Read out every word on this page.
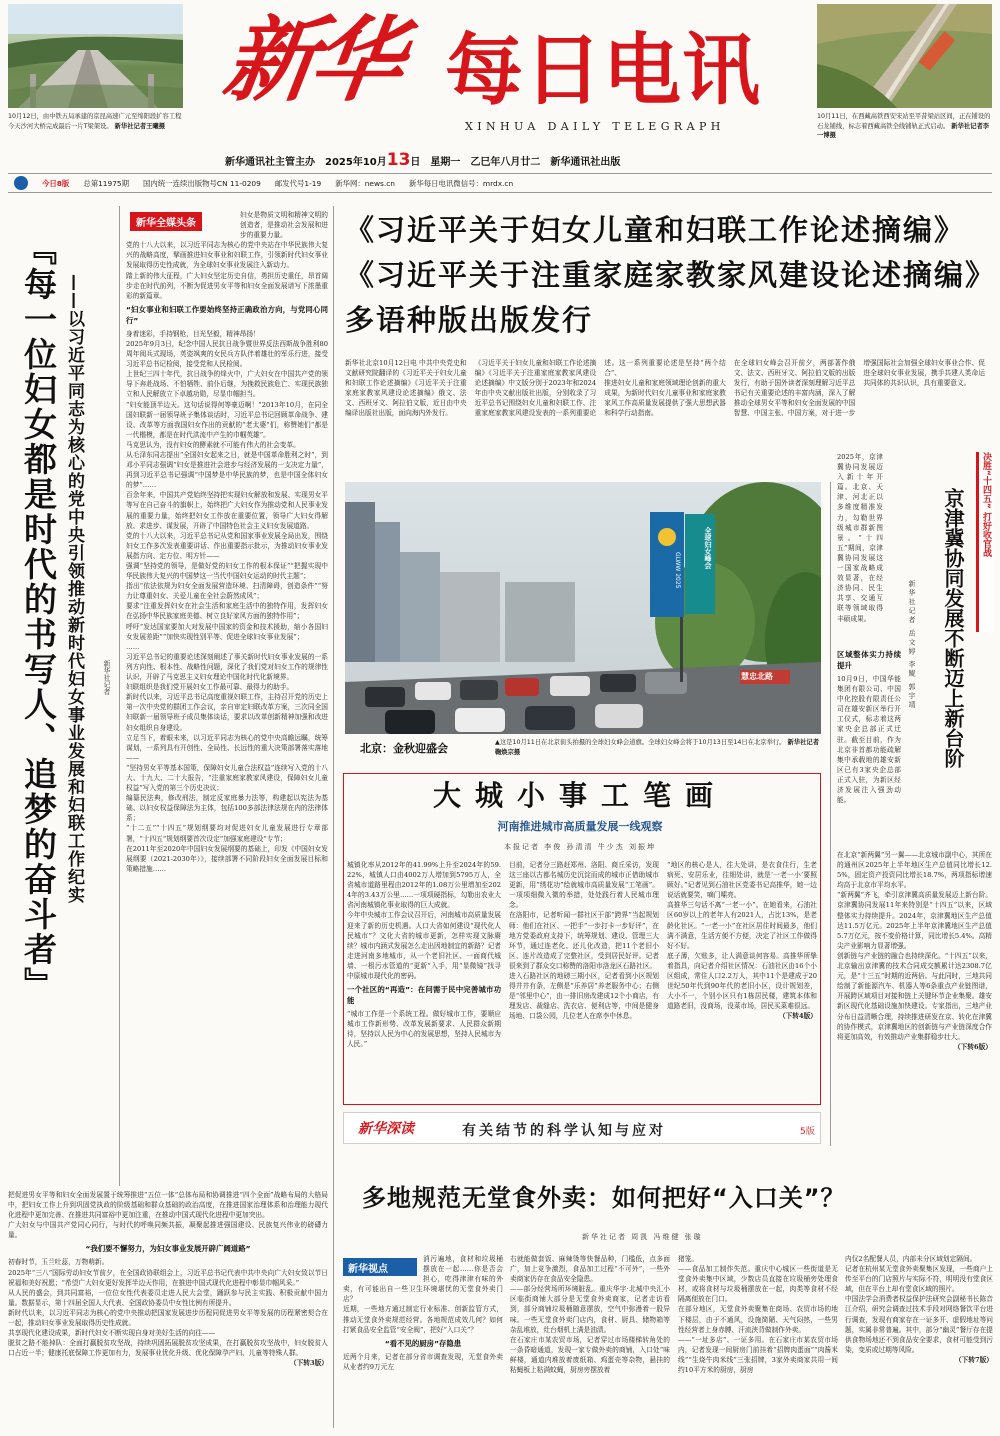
10月12日，由中铁五局承建的京昆高速广元至绵阳段扩容工程今天沙河大桥完成最后一片T梁架设。 新华社记者王曦摄
10月11日，在西藏高铁西安宋站至平昔梁站区间，正在铺设的石龙铺线，标志着西藏高铁全线铺轨正式启动。 新华社记者李一博摄
新华 每日电讯
XINHUA DAILY TELEGRAPH
新华通讯社主管主办 2025年10月13日 星期一 乙巳年八月廿二 新华通讯社出版
今日8版 总第11975期 国内统一连续出版物号CN 11-0209 邮发代号1-19 新华网：news.cn 新华每日电讯微信号：mrdx.cn
『每一位妇女都是时代的书写人、追梦的奋斗者』 ——以习近平同志为核心的党中央引领推动新时代妇女事业发展和妇联工作纪实	新华社记者
新华全媒头条

妇女是物质文明和精神文明的创造者，是推动社会发展和进步的重要力量。

党的十八大以来，以习近平同志为核心的党中央站在中华民族伟大复兴的战略高度，擘画推进妇女事业和妇联工作，引领新时代妇女事业发展取得历史性成就，为全球妇女事业发展注入新动力。

踏上新的伟大征程，广大妇女坚定历史自信，勇担历史重任，昂首阔步走在时代前列，不断为促进男女平等和妇女全面发展谱写下浓墨重彩的新篇章。

“妇女事业和妇联工作要始终坚持正确政治方向，与党同心同行”

身着迷彩，手持钢枪，目光坚毅，精神昂扬！

2025年9月3日，纪念中国人民抗日战争暨世界反法西斯战争胜利80周年阅兵式现场，英姿飒爽的女民兵方队伴着雄壮的军乐行进，接受习近平总书记检阅，接受党和人民检阅。

上世纪三四十年代，抗日战争的烽火中，广大妇女在中国共产党的领导下奔赴战场、不怕牺牲、前仆后继，为挽救民族危亡、实现民族独立和人民解放立下卓越功勋，尽显巾帼担当。

“妇女能顶半边天。这句话说得何等豪迈啊！”2013年10月，在同全国妇联新一届领导班子集体谈话时，习近平总书记回顾革命战争、建设、改革等方面我国妇女作出的贡献的“老太婆”们，称赞她们“都是一代楷模，都是在时代洪流中产生的巾帼英雄”。

马克思认为，没有妇女的酵素就不可能有伟大的社会变革。

从毛泽东同志提出“全国妇女起来之日，就是中国革命胜利之时”，到邓小平同志强调“妇女是推进社会进步与经济发展的一支决定力量”，再到习近平总书记强调“中国梦是中华民族的梦，也是中国全体妇女的梦”……

百余年来，中国共产党始终坚持把实现妇女解放和发展、实现男女平等写在自己奋斗的旗帜上，始终把广大妇女作为推动党和人民事业发展的重要力量，始终把妇女工作放在重要位置，领导广大妇女得解放、求进步、谋发展，开辟了中国特色社会主义妇女发展道路。

党的十八大以来，习近平总书记从党和国家事业发展全局出发，围绕妇女工作多次发表重要讲话、作出重要指示批示，为推动妇女事业发展指方向、定方位、明方针——

强调“坚持党的领导，是做好党的妇女工作的根本保证”“把握实现中华民族伟大复兴的中国梦这一当代中国妇女运动的时代主题”；

指出“依法依规为妇女全面发展营造环境、扫清障碍，创造条件”“努力让尊重妇女、关爱儿童在全社会蔚然成风”；

要求“注重发挥妇女在社会生活和家庭生活中的独特作用，发挥妇女在弘扬中华民族家庭美德、树立良好家风方面的独特作用”；

呼吁“发达国家要加大对发展中国家的资金和技术援助，缩小各国妇女发展差距”“加快实现性别平等、促进全球妇女事业发展”；

……

习近平总书记的重要论述深刻阐述了事关新时代妇女事业发展的一系列方向性、根本性、战略性问题，深化了我们党对妇女工作的规律性认识，开辟了马克思主义妇女理论中国化时代化新境界。

妇联组织是我们党开展妇女工作最可靠、最得力的助手。

新时代以来，习近平总书记高度重视妇联工作，主持召开党的历史上第一次中央党的群团工作会议，亲自审定妇联改革方案，三次同全国妇联新一届领导班子成员集体谈话，要求以改革创新精神加强和改进妇女组织自身建设。

立足当下，着眼未来，以习近平同志为核心的党中央高瞻远瞩，统筹谋划，一系列具有开创性、全局性、长远性的重大决策部署落实落地——

“坚持男女平等基本国策，保障妇女儿童合法权益”连续写入党的十八大、十九大、二十大报告，“注重家庭家教家风建设，保障妇女儿童权益”写入党的第三个历史决议；

编纂民法典，修改刑法，制定反家庭暴力法等，构建起以宪法为基础、以妇女权益保障法为主体，包括100多部法律法规在内的法律体系；

“十二五”“十四五”规划纲要均对促进妇女儿童发展进行专章部署，“十四五”规划纲要首次设定“加强家庭建设”专节；

在2011年至2020年中国妇女发展纲要的基础上，印发《中国妇女发展纲要（2021-2030年）》，接续部署不同阶段妇女全面发展目标和策略措施……

把促进男女平等和妇女全面发展置于统筹推进“五位一体”总体布局和协调推进“四个全面”战略布局的大格局中，把妇女工作上升到巩固党执政的阶级基础和群众基础的政治高度，在推进国家治理体系和治理能力现代化进程中更加完善、在推进共同富裕中更加注重，在推动中国式现代化进程中更加突出。

广大妇女与中国共产党同心同行，与时代的呼唤同频共振，凝聚起推进强国建设、民族复兴伟业的磅礴力量。

“我们要不懈努力，为妇女事业发展开辟广阔道路”

初春时节，玉兰吐蕊，万物萌新。

2025年“三八”国际劳动妇女节前夕，在全国政协联组会上，习近平总书记代表中共中央向广大妇女致以节日祝福和美好祝愿；“希望广大妇女更好发挥半边天作用，在推进中国式现代化进程中彰显巾帼风采。”

从人民的盛会，到共同富裕，一位位女性代表委员走进人民大会堂，踊跃参与民主实践、积极贡献中国力量。数据显示，第十四届全国人大代表、全国政协委员中女性比例有所提升。

新时代以来，以习近平同志为核心的党中央推动把国家发展进步历程同促进男女平等发展的历程紧密契合在一起，推动妇女事业发展取得历史性成就。

共享现代化建设成果，新时代妇女不断实现自身对美好生活的向往——

脱贫之路不能掉队：全面打赢脱贫攻坚战，持续巩固拓展脱贫攻坚成果，在打赢脱贫攻坚战中，妇女脱贫人口占近一半；健康托底保障工作更加有力，发展事业优化升级、优化保障孕产妇、儿童等特殊人群。

（下转3版）

《习近平关于妇女儿童和妇联工作论述摘编》《习近平关于注重家庭家教家风建设论述摘编》多语种版出版发行

新华社北京10月12日电 中共中央党史和文献研究院翻译的《习近平关于妇女儿童和妇联工作论述摘编》《习近平关于注重家庭家教家风建设论述摘编》俄文、法文、西班牙文、阿拉伯文版，近日由中央编译出版社出版，面向海内外发行。

《习近平关于妇女儿童和妇联工作论述摘编》《习近平关于注重家庭家教家风建设论述摘编》中文版分别于2023年和2024年由中央文献出版社出版，分别收录了习近平总书记围绕妇女儿童和妇联工作、注重家庭家教家风建设发表的一系列重要论述。这一系列重要论述是坚持“两个结合”、

推进妇女儿童和家庭领域理论创新的重大成果，为新时代妇女儿童事业和家庭家教家风工作高质量发展提供了强大思想武器和科学行动指南。

在全球妇女峰会召开前夕，两部著作俄文、法文、西班牙文、阿拉伯文版的出版发行，有助于国外读者深刻理解习近平总书记有关重要论述的丰富内涵，深入了解推动全球男女平等和妇女全面发展的中国智慧、中国主张、中国方案，对于进一步增强国际社会加强全球妇女事业合作、促进全球妇女事业发展，携手共建人类命运共同体的共识认识，具有重要意义。

GLWW 2025
全球妇女峰会
慧忠北路
北京：金秋迎盛会	▲这是10月11日在北京街头拍摄的全球妇女峰会道旗。全球妇女峰会将于10月13日至14日在北京举行。 新华社记者鞠焕宗摄
2025年，京津冀协同发展迈入新十年开篇。北京、天津、河北正以多维度精准发力，勾勒世界级城市群新图景。“十四五”期间，京津冀协同发展这一国家战略成效显著，在经济协同、民生共享、交通互联等领域取得丰硕成果。	京津冀协同发展不断迈上新台阶
新华社记者 岳文婷 李鲲 郭宇靖
决胜“十四五” 打好收官战
区域整体实力持续提升

10月9日，中国华能集团有限公司、中国中化控股有限责任公司在雄安新区举行开工仪式，标志着这两家央企总部正式迁驻。截至目前，作为北京非首都功能疏解集中承载地的雄安新区已有3家央企总部正式入驻，为新区经济发展注入强劲动能。

在北京“新两翼”另一翼——北京城市副中心，其所在的通州区2025年上半年地区生产总值同比增长12.5%，固定资产投资同比增长18.7%，两项指标增速均高于北京市平均水平。

“新两翼”齐飞，牵引京津冀高质量发展迈上新台阶。京津冀协同发展11年来特别是“十四五”以来，区域整体实力持续提升。2024年，京津冀地区生产总值达11.5万亿元。2025年上半年京津冀地区生产总值5.7万亿元，按不变价格计算，同比增长5.4%。高精尖产业影响力显著增强。

创新链与产业链的融合也持续深化。“十四五”以来，北京输出京津冀的技术合同成交额累计达2308.7亿元，是“十三五”时期的近两倍。与此同时，三地共同绘制了新能源汽车、机器人等6条重点产业链图谱，开展跨区域项目对接和链上关键环节企业集聚。雄安新区现代化基础设施加快建设。专家指出，三地产业分布日益清晰合理，持续推进研发在京、转化在津冀的协作模式，京津冀地区的创新链与产业链深度合作将更加高效，有效推动产业集群稳步壮大。

（下转6版）

大城小事工笔画
河南推进城市高质量发展一线观察
本报记者 李俊 孙清清 牛少杰 刘振坤

城镇化率从2012年的41.99%上升至2024年的59.22%，城镇人口由4002万人增加到5795万人，全省城市道路里程由2012年的1.08万公里增加至2024年的3.43万公里……一项项硬指标，勾勒出农业大省河南城镇化事业取得的巨大成就。

今年中央城市工作会议召开后，河南城市高质量发展迎来了新的历史机遇。人口大省如何建设“现代化人民城市”？文化大省的城市更新，怎样实现文脉赓续？城市内涵式发展怎么走出因地制宜的新路？记者走进河南多地城市，从一个老旧社区、一面商代城墙、一根污水管道的“更新”入手，用“显微镜”找寻中原城市现代化的密码。

一个社区的“再造”：在问需于民中完善城市功能

“城市工作是一个系统工程。做好城市工作，要顺应城市工作新形势、改革发展新要求、人民群众新期待，坚持以人民为中心的发展思想，坚持人民城市为人民。”

目前，记者分三路赶郑州、洛阳、商丘采访，发现这三座以古都名城历史沉淀而成的城市正借助城市更新，用“绣花功”绘就城市高质量发展“工笔画”。一项项细微入微的举措，处处践行着人民城市理念。

在洛阳市，记者听闻一群社区干部“跨界”当起规划师：他们在社区、一把手“一步打卡一步好评”，在地方党委政府支持下，统筹规划、建设、管理三大环节，通过连老化、还儿化改造，把11个老旧小区、连片改造成了完整社区，受到居民好评。记者很来到了群众交口称赞的洛阳市洛龙区石路社区。

进入石路社区的地磅三期小区，记者看到小区规划得井井有条，左侧是“乐养居”养老服务中心；右侧是“邻里中心”，由一排旧房改建成12个小商店，有理发店、裁缝店、洗衣店、便利店等，中间是健身场地、口袋公园，几位老人在席李中休息。

“地区的核心是人，往大处讲，是衣食住行，生老病死、安居乐业，往细处讲，就是‘一老一小’要照顾好。”记者见到石油社区党委书记高推华，她一边说话就要笑，嘀门嗦亮。

高推华三句话不离“一老一小”。在她看来，石油社区60岁以上的老年人有2021人，占比13%，是老龄化社区。“一老一小”在社区居住时间最多，他们满不满意，生活方便不方便，决定了社区工作做得好不好。

底子薄，欠账多，让人满意谈何容易。高推华所挚着指具，向记者介绍社区情况：石油社区由16个小区组成，常住人口2.2万人，其中11个是建成于20世纪50年代到90年代的老旧小区，设计规划差，大小不一，个别小区只有1栋居民楼，建筑本体和道路老旧，没商场，没菜市场，居民买菜难很远。

（下转4版）

新华深读	有关结节的科学认知与应对	5版
多地规范无堂食外卖：如何把好“入口关”？
新华社记者 周凯 冯维健 张璇
新华视点

消污遍地，食材和垃圾桶摆放在一起……你是否会担心，吃得津津有味的外卖，有可能出自一些卫生环境堪忧的无堂食外卖门店？

近期，一些地方通过制定行业标准、创新监管方式，推动无堂食外卖规范经营。各地规范成效几何？如何打紧食品安全监管“安全阀”，把好“入口关”？

“看不见的厨房”存隐患

近两个月来，记者在部分省市调查发现，无堂食外卖从业者约9万元左

右就能做套饭、麻辣烫等快餐品种，门槛低，点多面广，加上竞争激烈，食品加工过程“不可外”，一些外卖商家仍存在食品安全隐患。

——部分经营场所环境脏乱。重庆华宇·北城中央汇小区临街商铺大部分是无堂食外卖商家，记者走访看到，部分商铺垃圾桶随意摆放，空气中弥漫着一股异味。一些无堂食外卖门店内，食材、厨具、储物箱等杂乱堆放，灶台烟机上满是油渍。

在石家庄市某农贸市场，记者穿过市场楼梯转角处的一条昏暗通道，发现一家专做外卖的商铺，入口处“味鲜楼，通道内堆放着废纸箱、鸡蛋壳等杂物，悬挂的粘蝇板上粘满蚊蝇，厨房旁摆放着

猪笼。

——食品加工制作失范。重庆中心城区一些街道是无堂食外卖集中区域，少数店员直接在垃圾桶旁处理食材，或将食材与垃圾桶摆放在一起，肉类等食材不经隔离便放在门口。

在部分地区，无堂食外卖聚集在商场、农贸市场的地下楼层，由于不通风，设施简陋、天气闷热，一些男性经营者上身赤膊、汗流浃背做制作外卖。

——“一址多店”、一证多用。在石家庄市某农贸市场内，记者发现一间厨房门前挂着“招牌肉蛋面”“肉酱米线”“生烧牛肉米线”三张招牌，3家外卖商家共用一间约10平方米的厨房，厨房

内仅2名配餐人员，内部未分区域划定隔间。

记者在杭州某无堂食外卖聚集区发现，一些商户上传至平台的门店照片与实际不符，明明没有堂食区域，但在平台上却有堂食区域的照片。

中国法学会消费者权益保护法研究会副秘书长陈音江介绍，研究会调查过技术手段对网络餐饮平台进行调查，发现有商家存在一证多开、虚假地址等问题，实属非常普遍。其中，部分“幽灵”餐厅存在提供食物场地还不到食品安全要求，食材可能受到污染，变质或过期等风险。

（下转7版）
